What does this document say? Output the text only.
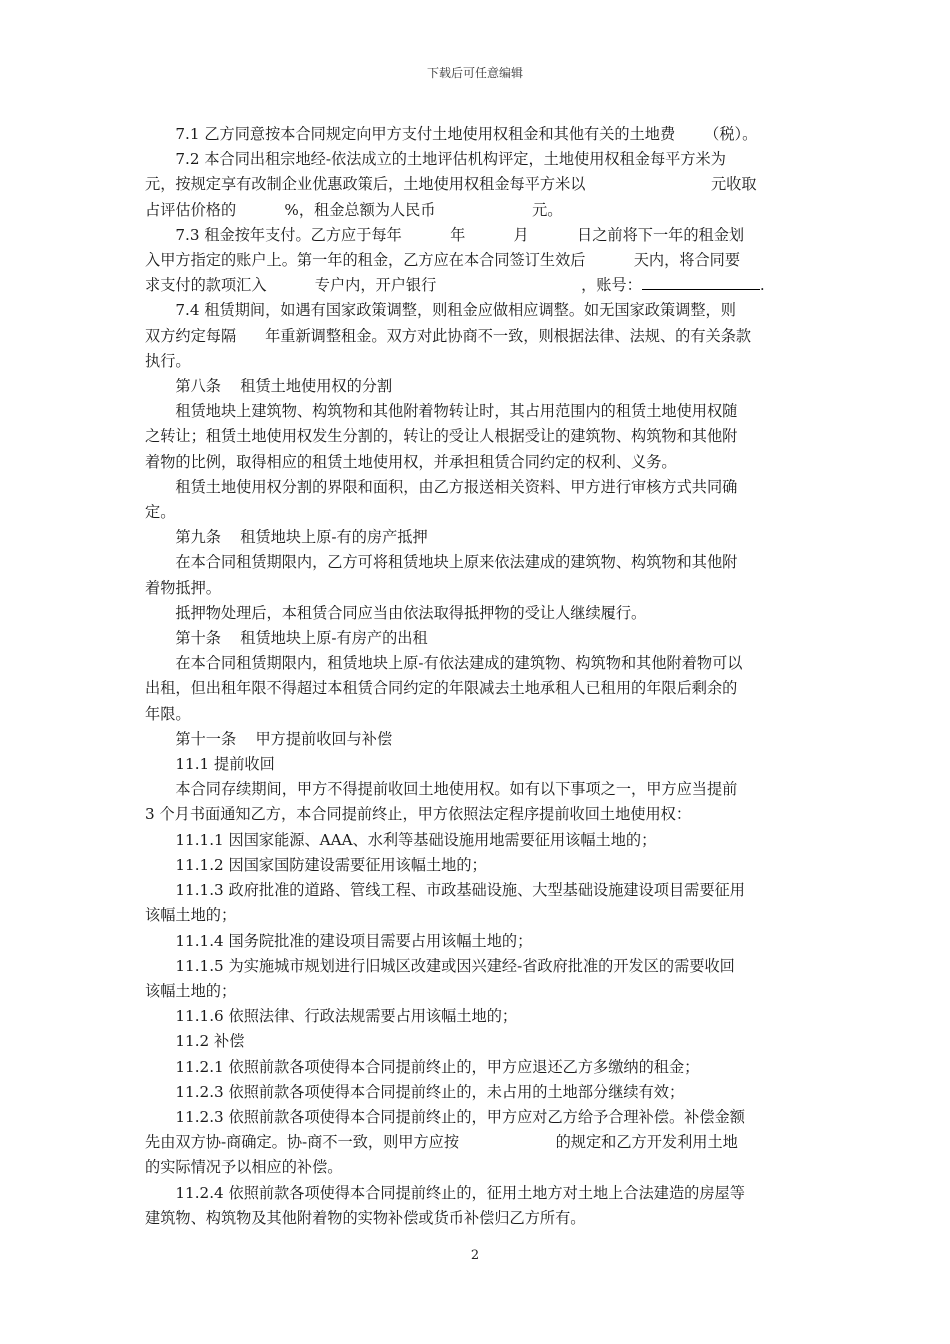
下载后可任意编辑

7.1 乙方同意按本合同规定向甲方支付土地使用权租金和其他有关的土地费      （税）。

7.2 本合同出租宗地经-依法成立的土地评估机构评定，土地使用权租金每平方米为

元，按规定享有改制企业优惠政策后，土地使用权租金每平方米以                          元收取

占评估价格的          %，租金总额为人民币                    元。

7.3 租金按年支付。乙方应于每年          年          月          日之前将下一年的租金划

入甲方指定的账户上。第一年的租金，乙方应在本合同签订生效后          天内，将合同要

求支付的款项汇入          专户内，开户银行                              ，账号：	.

7.4 租赁期间，如遇有国家政策调整，则租金应做相应调整。如无国家政策调整，则

双方约定每隔      年重新调整租金。双方对此协商不一致，则根据法律、法规、的有关条款

执行。

第八条    租赁土地使用权的分割

租赁地块上建筑物、构筑物和其他附着物转让时，其占用范围内的租赁土地使用权随

之转让；租赁土地使用权发生分割的，转让的受让人根据受让的建筑物、构筑物和其他附

着物的比例，取得相应的租赁土地使用权，并承担租赁合同约定的权利、义务。

租赁土地使用权分割的界限和面积，由乙方报送相关资料、甲方进行审核方式共同确

定。

第九条    租赁地块上原-有的房产抵押

在本合同租赁期限内，乙方可将租赁地块上原来依法建成的建筑物、构筑物和其他附

着物抵押。

抵押物处理后，本租赁合同应当由依法取得抵押物的受让人继续履行。

第十条    租赁地块上原-有房产的出租

在本合同租赁期限内，租赁地块上原-有依法建成的建筑物、构筑物和其他附着物可以

出租，但出租年限不得超过本租赁合同约定的年限减去土地承租人已租用的年限后剩余的

年限。

第十一条    甲方提前收回与补偿

11.1 提前收回

本合同存续期间，甲方不得提前收回土地使用权。如有以下事项之一，甲方应当提前

3 个月书面通知乙方，本合同提前终止，甲方依照法定程序提前收回土地使用权：

11.1.1 因国家能源、AAA、水利等基础设施用地需要征用该幅土地的；

11.1.2 因国家国防建设需要征用该幅土地的；

11.1.3 政府批准的道路、管线工程、市政基础设施、大型基础设施建设项目需要征用

该幅土地的；

11.1.4 国务院批准的建设项目需要占用该幅土地的；

11.1.5 为实施城市规划进行旧城区改建或因兴建经-省政府批准的开发区的需要收回

该幅土地的；

11.1.6 依照法律、行政法规需要占用该幅土地的；

11.2 补偿

11.2.1 依照前款各项使得本合同提前终止的，甲方应退还乙方多缴纳的租金；

11.2.3 依照前款各项使得本合同提前终止的，未占用的土地部分继续有效；

11.2.3 依照前款各项使得本合同提前终止的，甲方应对乙方给予合理补偿。补偿金额

先由双方协-商确定。协-商不一致，则甲方应按                    的规定和乙方开发利用土地

的实际情况予以相应的补偿。

11.2.4 依照前款各项使得本合同提前终止的，征用土地方对土地上合法建造的房屋等

建筑物、构筑物及其他附着物的实物补偿或货币补偿归乙方所有。

2
